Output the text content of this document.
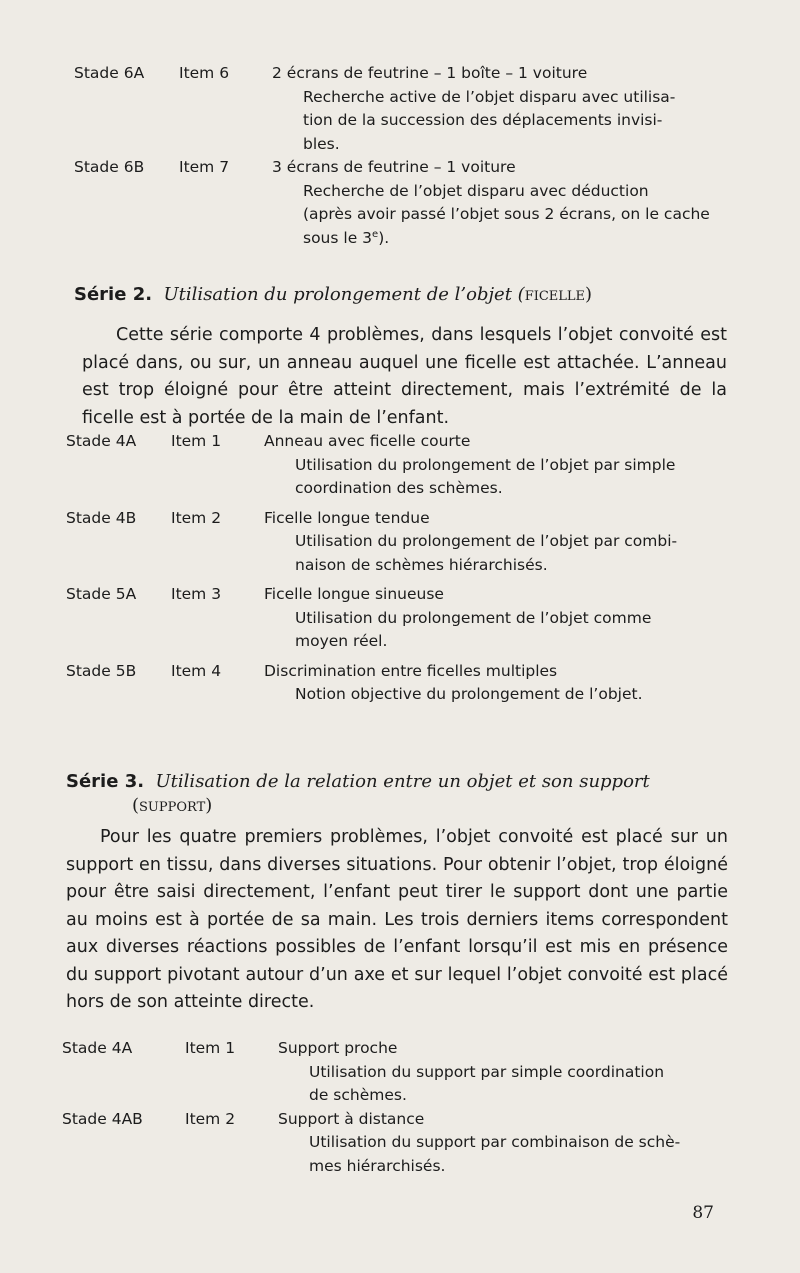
Stade 6A	Item 6	2 écrans de feutrine – 1 boîte – 1 voiture
Recherche active de l’objet disparu avec utilisa-
tion de la succession des déplacements invisi-
bles.
Stade 6B	Item 7	3 écrans de feutrine – 1 voiture
Recherche de l’objet disparu avec déduction
(après avoir passé l’objet sous 2 écrans, on le cache
sous le 3e).
Série 2. Utilisation du prolongement de l’objet (ficelle)
Cette série comporte 4 problèmes, dans lesquels l’objet convoité est placé dans, ou sur, un anneau auquel une ficelle est attachée. L’anneau est trop éloigné pour être atteint directement, mais l’extrémité de la ficelle est à portée de la main de l’enfant.
Stade 4A	Item 1	Anneau avec ficelle courte
Utilisation du prolongement de l’objet par simple
coordination des schèmes.
Stade 4B	Item 2	Ficelle longue tendue
Utilisation du prolongement de l’objet par combi-
naison de schèmes hiérarchisés.
Stade 5A	Item 3	Ficelle longue sinueuse
Utilisation du prolongement de l’objet comme
moyen réel.
Stade 5B	Item 4	Discrimination entre ficelles multiples
Notion objective du prolongement de l’objet.
Série 3. Utilisation de la relation entre un objet et son support
(support)
Pour les quatre premiers problèmes, l’objet convoité est placé sur un support en tissu, dans diverses situations. Pour obtenir l’objet, trop éloigné pour être saisi directement, l’enfant peut tirer le support dont une partie au moins est à portée de sa main. Les trois derniers items correspondent aux diverses réactions possibles de l’enfant lorsqu’il est mis en présence du support pivotant autour d’un axe et sur lequel l’objet convoité est placé hors de son atteinte directe.
Stade 4A	Item 1	Support proche
Utilisation du support par simple coordination
de schèmes.
Stade 4AB	Item 2	Support à distance
Utilisation du support par combinaison de schè-
mes hiérarchisés.
87
